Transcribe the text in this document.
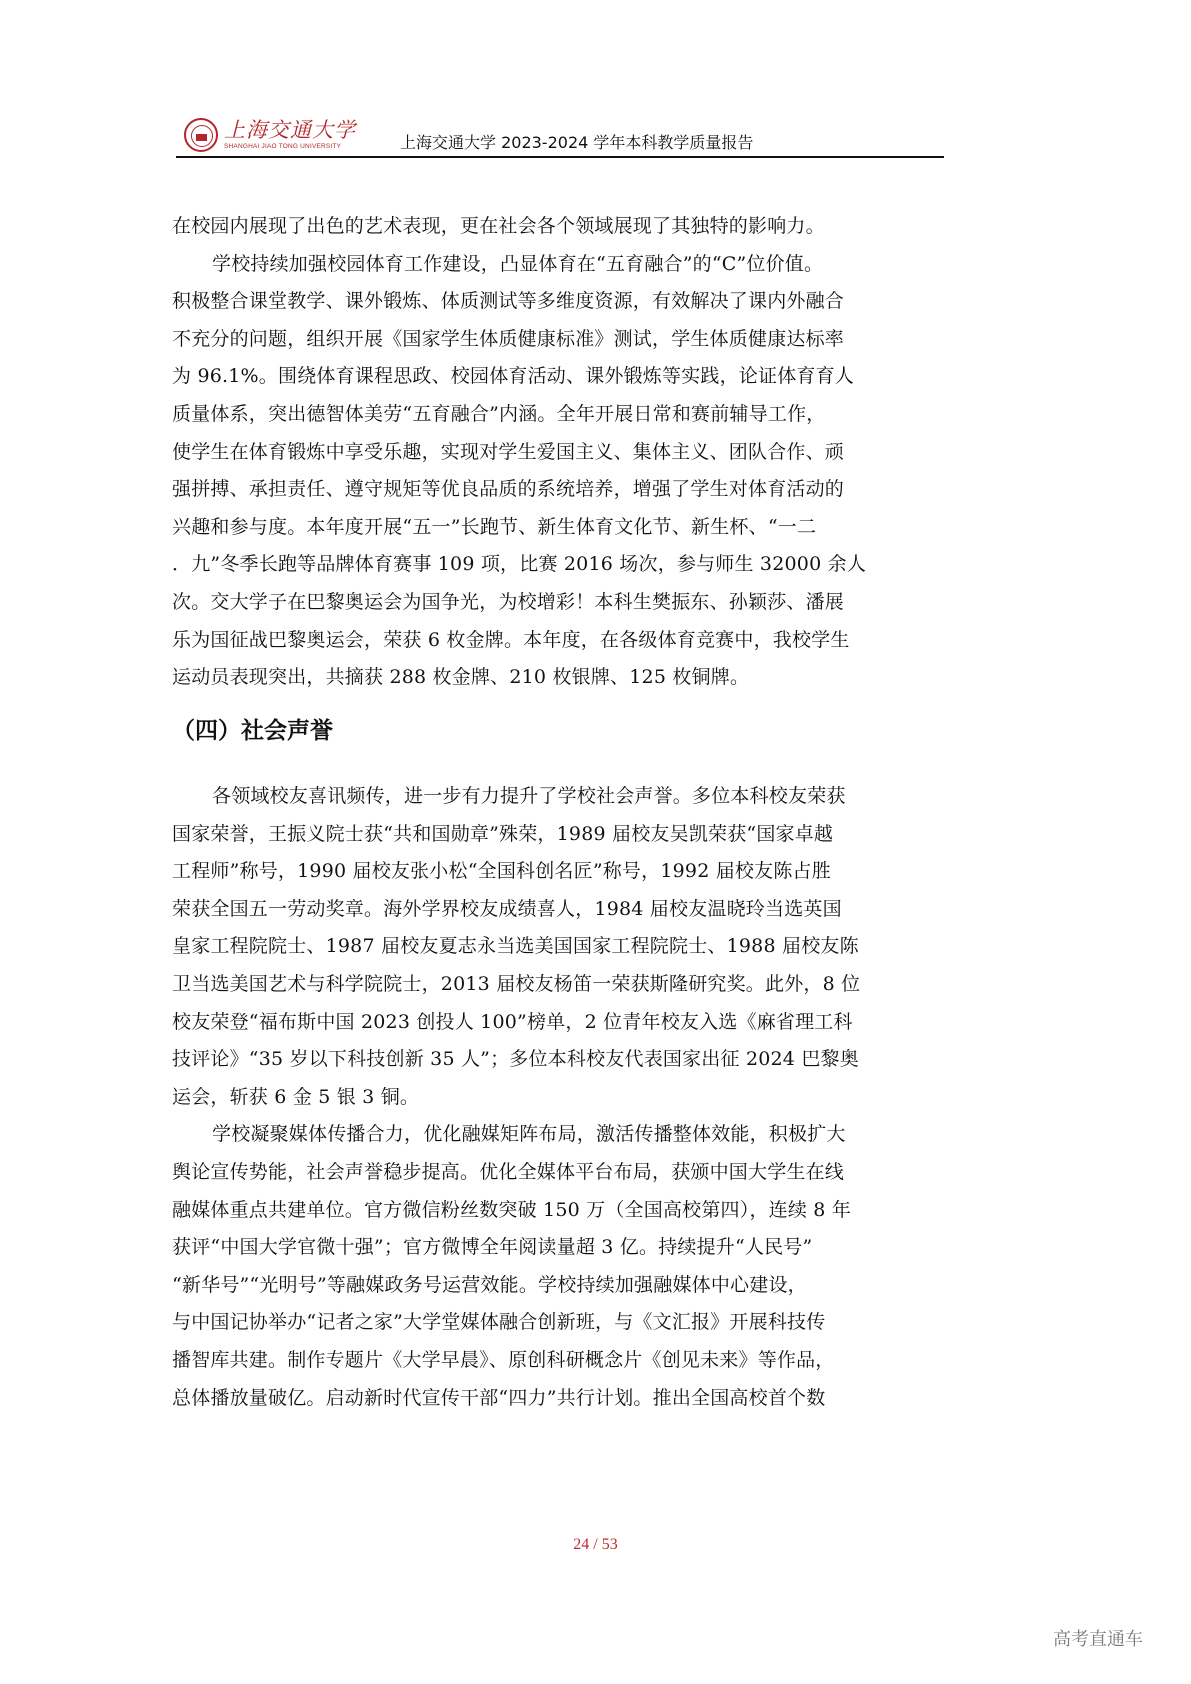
上海交通大学
SHANGHAI JIAO TONG UNIVERSITY	上海交通大学 2023-2024 学年本科教学质量报告
在校园内展现了出色的艺术表现，更在社会各个领域展现了其独特的影响力。
学校持续加强校园体育工作建设，凸显体育在“五育融合”的“C”位价值。
积极整合课堂教学、课外锻炼、体质测试等多维度资源，有效解决了课内外融合
不充分的问题，组织开展《国家学生体质健康标准》测试，学生体质健康达标率
为 96.1%。围绕体育课程思政、校园体育活动、课外锻炼等实践，论证体育育人
质量体系，突出德智体美劳“五育融合”内涵。全年开展日常和赛前辅导工作，
使学生在体育锻炼中享受乐趣，实现对学生爱国主义、集体主义、团队合作、顽
强拼搏、承担责任、遵守规矩等优良品质的系统培养，增强了学生对体育活动的
兴趣和参与度。本年度开展“五一”长跑节、新生体育文化节、新生杯、“一二
．九”冬季长跑等品牌体育赛事 109 项，比赛 2016 场次，参与师生 32000 余人
次。交大学子在巴黎奥运会为国争光，为校增彩！本科生樊振东、孙颖莎、潘展
乐为国征战巴黎奥运会，荣获 6 枚金牌。本年度，在各级体育竞赛中，我校学生
运动员表现突出，共摘获 288 枚金牌、210 枚银牌、125 枚铜牌。
（四）社会声誉
各领域校友喜讯频传，进一步有力提升了学校社会声誉。多位本科校友荣获
国家荣誉，王振义院士获“共和国勋章”殊荣，1989 届校友吴凯荣获“国家卓越
工程师”称号，1990 届校友张小松“全国科创名匠”称号，1992 届校友陈占胜
荣获全国五一劳动奖章。海外学界校友成绩喜人，1984 届校友温晓玲当选英国
皇家工程院院士、1987 届校友夏志永当选美国国家工程院院士、1988 届校友陈
卫当选美国艺术与科学院院士，2013 届校友杨笛一荣获斯隆研究奖。此外，8 位
校友荣登“福布斯中国 2023 创投人 100”榜单，2 位青年校友入选《麻省理工科
技评论》“35 岁以下科技创新 35 人”；多位本科校友代表国家出征 2024 巴黎奥
运会，斩获 6 金 5 银 3 铜。
学校凝聚媒体传播合力，优化融媒矩阵布局，激活传播整体效能，积极扩大
舆论宣传势能，社会声誉稳步提高。优化全媒体平台布局，获颁中国大学生在线
融媒体重点共建单位。官方微信粉丝数突破 150 万（全国高校第四），连续 8 年
获评“中国大学官微十强”；官方微博全年阅读量超 3 亿。持续提升“人民号”
“新华号”“光明号”等融媒政务号运营效能。学校持续加强融媒体中心建设，
与中国记协举办“记者之家”大学堂媒体融合创新班，与《文汇报》开展科技传
播智库共建。制作专题片《大学早晨》、原创科研概念片《创见未来》等作品，
总体播放量破亿。启动新时代宣传干部“四力”共行计划。推出全国高校首个数
24 / 53
高考直通车
